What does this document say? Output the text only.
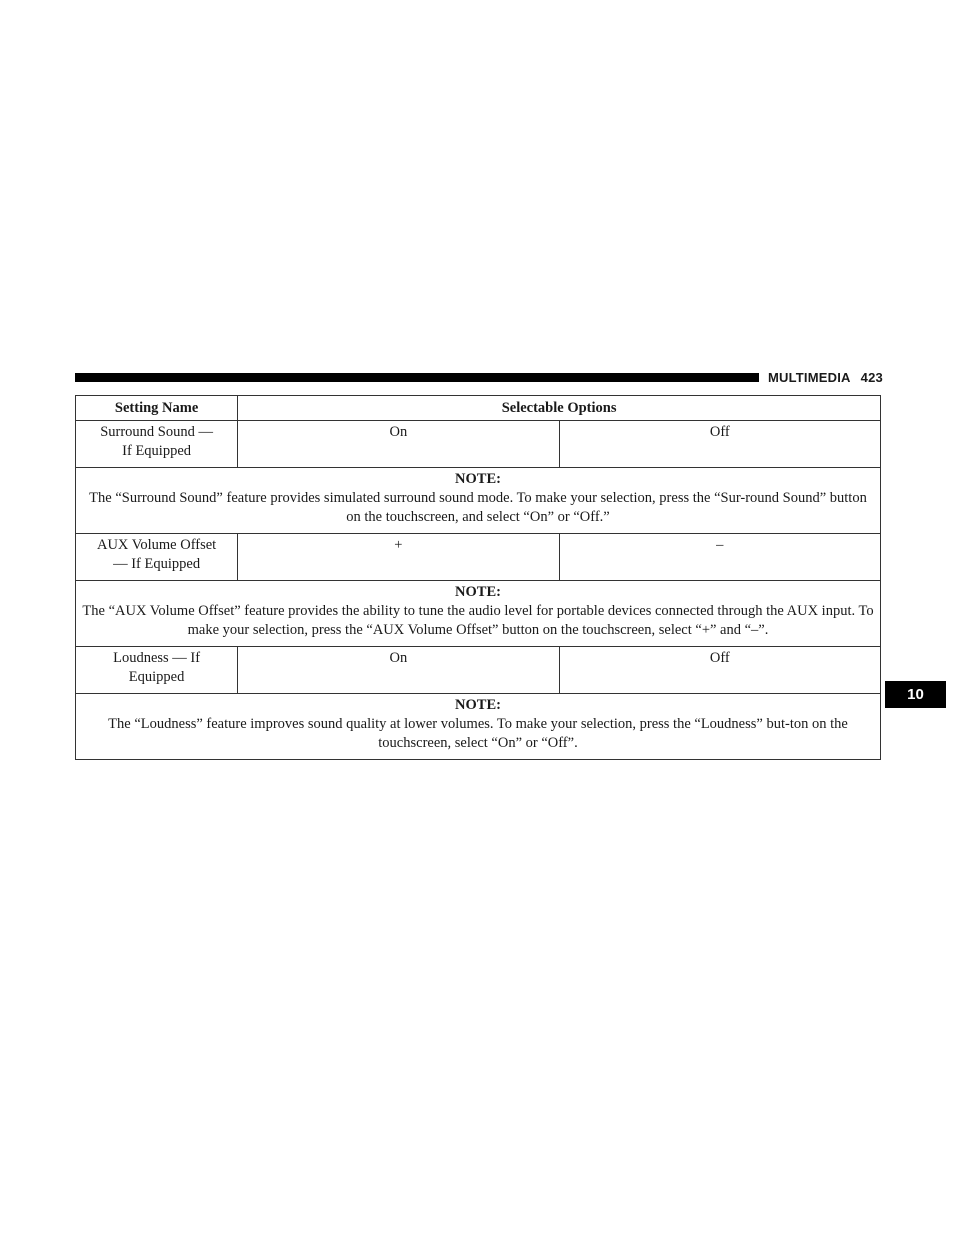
MULTIMEDIA 423
10
Setting Name	Selectable Options	

Surround Sound —
If Equipped	On	Off

NOTE:
The “Surround Sound” feature provides simulated surround sound mode. To make your selection, press the “Sur-round Sound” button on the touchscreen, and select “On” or “Off.”		

AUX Volume Offset
— If Equipped	+	–

NOTE:
The “AUX Volume Offset” feature provides the ability to tune the audio level for portable devices connected through the AUX input. To make your selection, press the “AUX Volume Offset” button on the touchscreen, select “+” and “–”.		

Loudness — If
Equipped	On	Off

NOTE:
The “Loudness” feature improves sound quality at lower volumes. To make your selection, press the “Loudness” but-ton on the touchscreen, select “On” or “Off”.		
